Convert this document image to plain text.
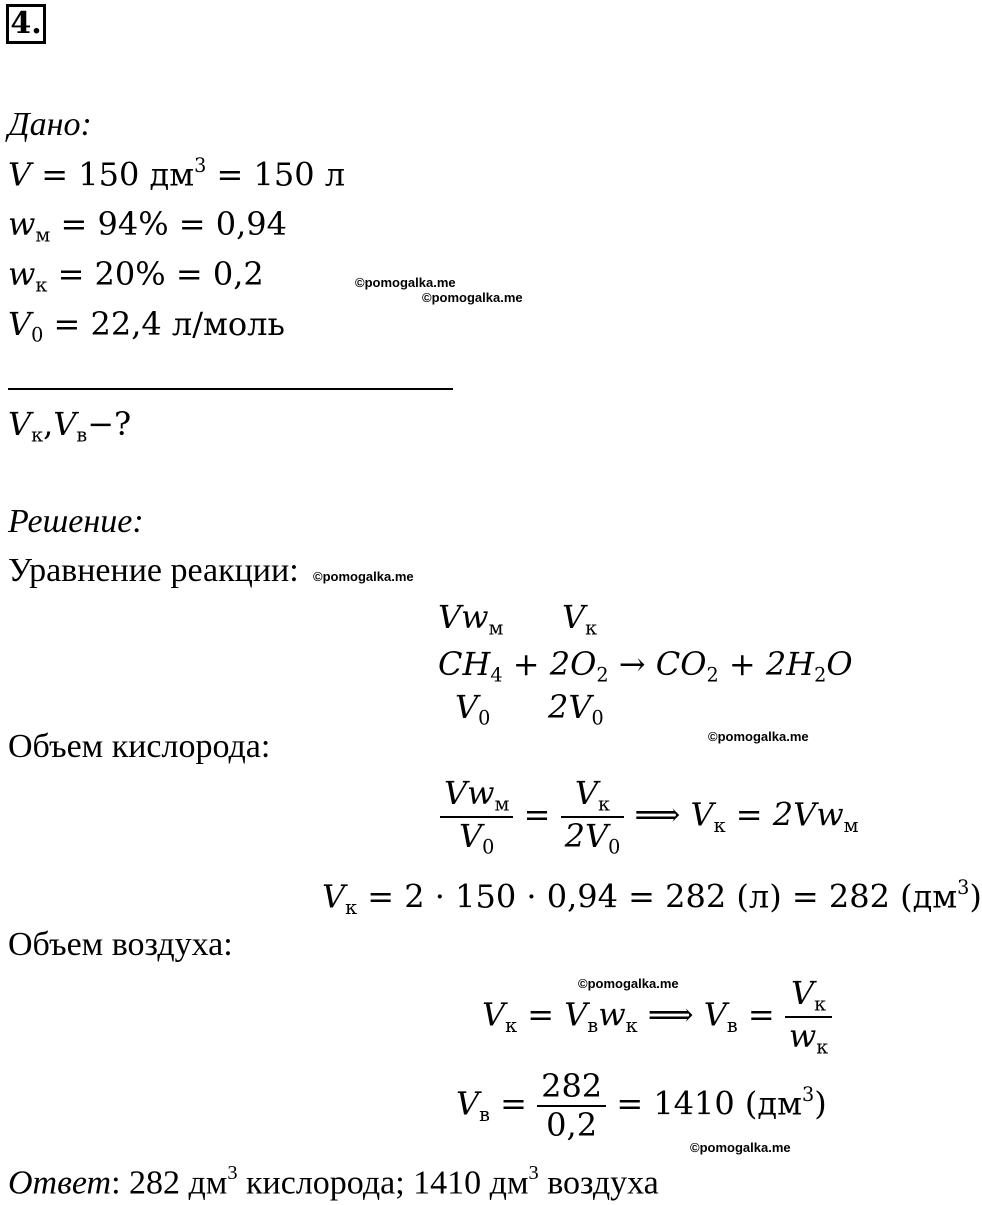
4.
Дано:
V = 150 $дм^3 = 150$ л
$w_м = 94\% = 0,94$
$w_к = 20\% = 0,2$
$V_0 = 22,4$ л/моль
$V_к,V_в-$?
Решение:
Уравнение реакции:
$Vw_м$ $V_к$
$CH_4 + 2O_2 \to CO_2 + 2H_2O$
$V_0$ $2V_0$
Объем кислорода:
$\frac{Vw_м}{V_0} = \frac{V_к}{2V_0}$ ⟹ $V_к = 2Vw_м$
$V_к = 2 \cdot 150 \cdot 0,94 = 282$ (л) = 282 $(дм^3)$
Объем воздуха:
$V_к = V_вw_к$ ⟹ $V_в = \frac{V_к}{w_к}$
$V_в = \frac{282}{0,2} = 1410$ $(дм^3)$
Ответ: 282 $дм^3$ кислорода; 1410 $дм^3$ воздуха
©pomogalka.me
©pomogalka.me
©pomogalka.me
©pomogalka.me
©pomogalka.me
©pomogalka.me
